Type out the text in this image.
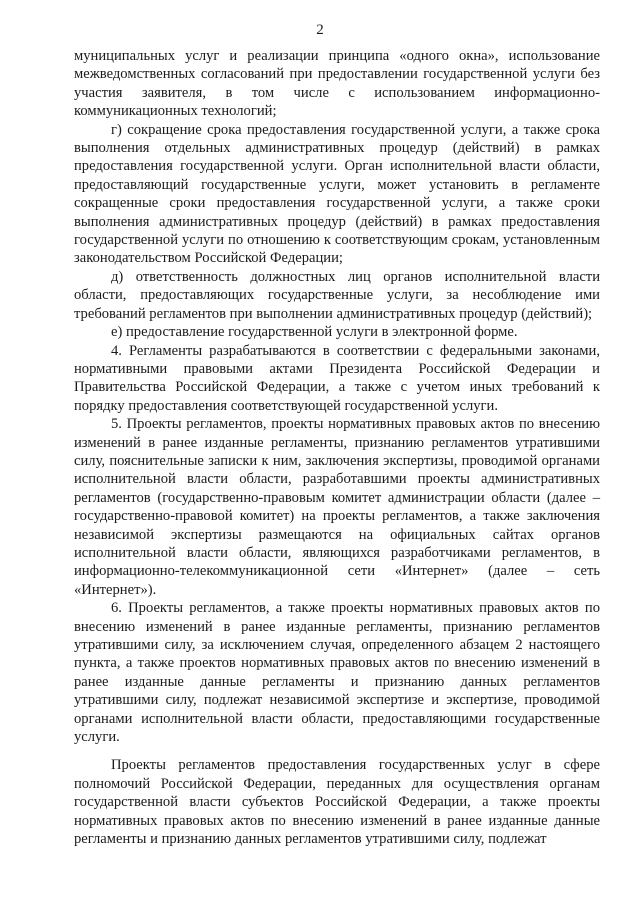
2

муниципальных услуг и реализации принципа «одного окна», использование межведомственных согласований при предоставлении государственной услуги без участия заявителя, в том числе с использованием информационно-коммуникационных технологий;

г) сокращение срока предоставления государственной услуги, а также срока выполнения отдельных административных процедур (действий) в рамках предоставления государственной услуги. Орган исполнительной власти области, предоставляющий государственные услуги, может установить в регламенте сокращенные сроки предоставления государственной услуги, а также сроки выполнения административных процедур (действий) в рамках предоставления государственной услуги по отношению к соответствующим срокам, установленным законодательством Российской Федерации;

д) ответственность должностных лиц органов исполнительной власти области, предоставляющих государственные услуги, за несоблюдение ими требований регламентов при выполнении административных процедур (действий);

е) предоставление государственной услуги в электронной форме.

4. Регламенты разрабатываются в соответствии с федеральными законами, нормативными правовыми актами Президента Российской Федерации и Правительства Российской Федерации, а также с учетом иных требований к порядку предоставления соответствующей государственной услуги.

5. Проекты регламентов, проекты нормативных правовых актов по внесению изменений в ранее изданные регламенты, признанию регламентов утратившими силу, пояснительные записки к ним, заключения экспертизы, проводимой органами исполнительной власти области, разработавшими проекты административных регламентов (государственно-правовым комитет администрации области (далее – государственно-правовой комитет) на проекты регламентов, а также заключения независимой экспертизы размещаются на официальных сайтах органов исполнительной власти области, являющихся разработчиками регламентов, в информационно-телекоммуникационной сети «Интернет» (далее – сеть «Интернет»).

6. Проекты регламентов, а также проекты нормативных правовых актов по внесению изменений в ранее изданные регламенты, признанию регламентов утратившими силу, за исключением случая, определенного абзацем 2 настоящего пункта, а также проектов нормативных правовых актов по внесению изменений в ранее изданные данные регламенты и признанию данных регламентов утратившими силу, подлежат независимой экспертизе и экспертизе, проводимой органами исполнительной власти области, предоставляющими государственные услуги.

Проекты регламентов предоставления государственных услуг в сфере полномочий Российской Федерации, переданных для осуществления органам государственной власти субъектов Российской Федерации, а также проекты нормативных правовых актов по внесению изменений в ранее изданные данные регламенты и признанию данных регламентов утратившими силу, подлежат
